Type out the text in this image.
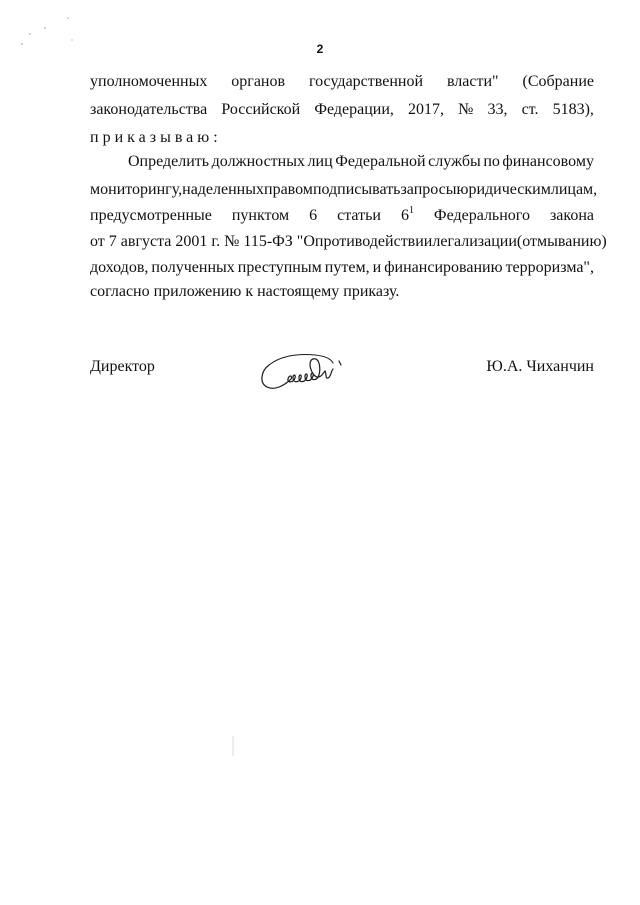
2
уполномоченных органов государственной власти" (Собрание
законодательства Российской Федерации, 2017, № 33, ст. 5183),
приказываю:
Определить должностных лиц Федеральной службы по финансовому
мониторингу, наделенных правом подписывать запросы юридическим лицам,
предусмотренные пунктом 6 статьи $6^1$ Федерального закона
от 7 августа 2001 г. № 115-ФЗ "О противодействии легализации (отмыванию)
доходов, полученных преступным путем, и финансированию терроризма",
согласно приложению к настоящему приказу.
Директор	Ю.А. Чиханчин
